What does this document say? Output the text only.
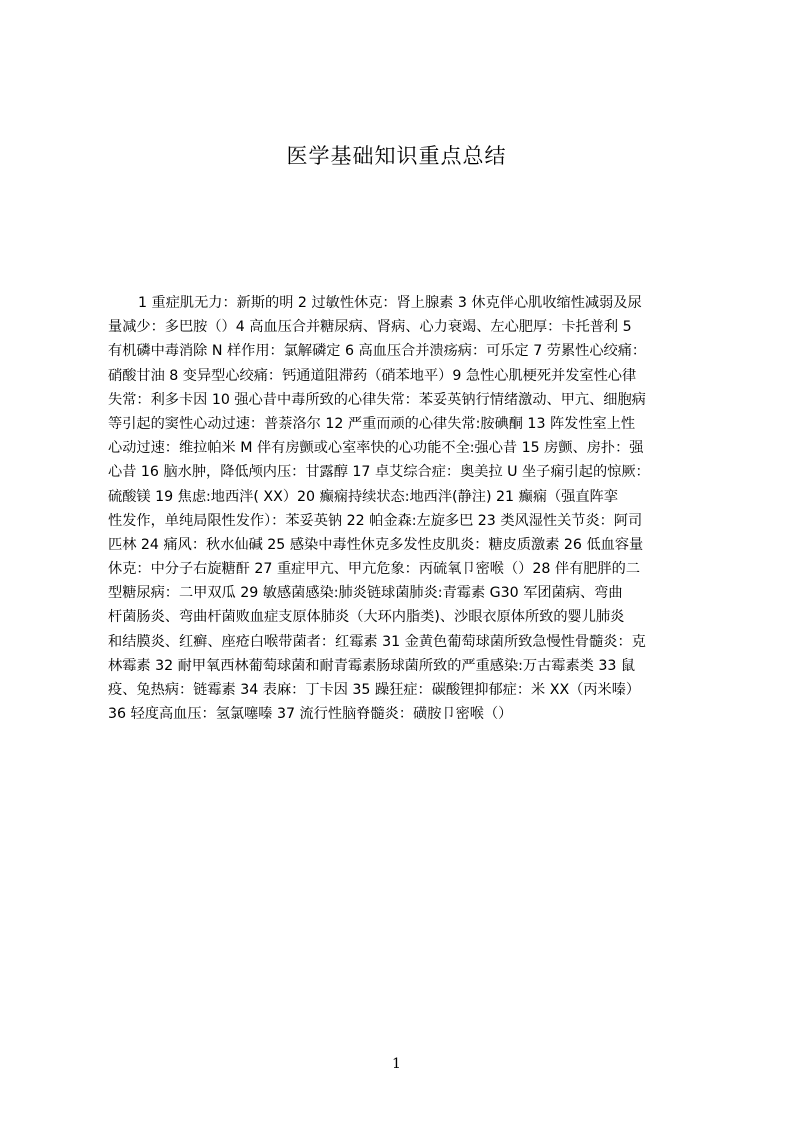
医学基础知识重点总结
1 重症肌无力：新斯的明 2 过敏性休克：肾上腺素 3 休克伴心肌收缩性减弱及尿
量减少：多巴胺（）4 高血压合并糖尿病、肾病、心力衰竭、左心肥厚：卡托普利 5
有机磷中毒消除 N 样作用：氯解磷定 6 高血压合并溃疡病：可乐定 7 劳累性心绞痛：
硝酸甘油 8 变异型心绞痛：钙通道阻滞药（硝苯地平）9 急性心肌梗死并发室性心律
失常：利多卡因 10 强心昔中毒所致的心律失常：苯妥英钠行情绪激动、甲亢、细胞病
等引起的窦性心动过速：普萘洛尔 12 严重而顽的心律失常:胺碘酮 13 阵发性室上性
心动过速：维拉帕米 M 伴有房颤或心室率快的心功能不全:强心昔 15 房颤、房扑：强
心昔 16 脑水肿，降低颅内压：甘露醇 17 卓艾综合症：奥美拉 U 坐子痫引起的惊厥：
硫酸镁 19 焦虑:地西泮( XX）20 癫痫持续状态:地西泮(静注) 21 癫痫（强直阵挛
性发作，单纯局限性发作）：苯妥英钠 22 帕金森:左旋多巴 23 类风湿性关节炎：阿司
匹林 24 痛风：秋水仙碱 25 感染中毒性休克多发性皮肌炎：糖皮质激素 26 低血容量
休克：中分子右旋糖酐 27 重症甲亢、甲亢危象：丙硫氧卩密喉（）28 伴有肥胖的二
型糖尿病：二甲双瓜 29 敏感菌感染:肺炎链球菌肺炎:青霉素 G30 军团菌病、弯曲
杆菌肠炎、弯曲杆菌败血症支原体肺炎（大环内脂类)、沙眼衣原体所致的婴儿肺炎
和结膜炎、红癣、座疮白喉带菌者：红霉素 31 金黄色葡萄球菌所致急慢性骨髓炎：克
林霉素 32 耐甲氧西林葡萄球菌和耐青霉素肠球菌所致的严重感染:万古霉素类 33 鼠
疫、兔热病：链霉素 34 表麻：丁卡因 35 躁狂症：碳酸锂抑郁症：米 XX（丙米嗪）
36 轻度高血压：氢氯噻嗪 37 流行性脑脊髓炎：磺胺卩密喉（）
1
